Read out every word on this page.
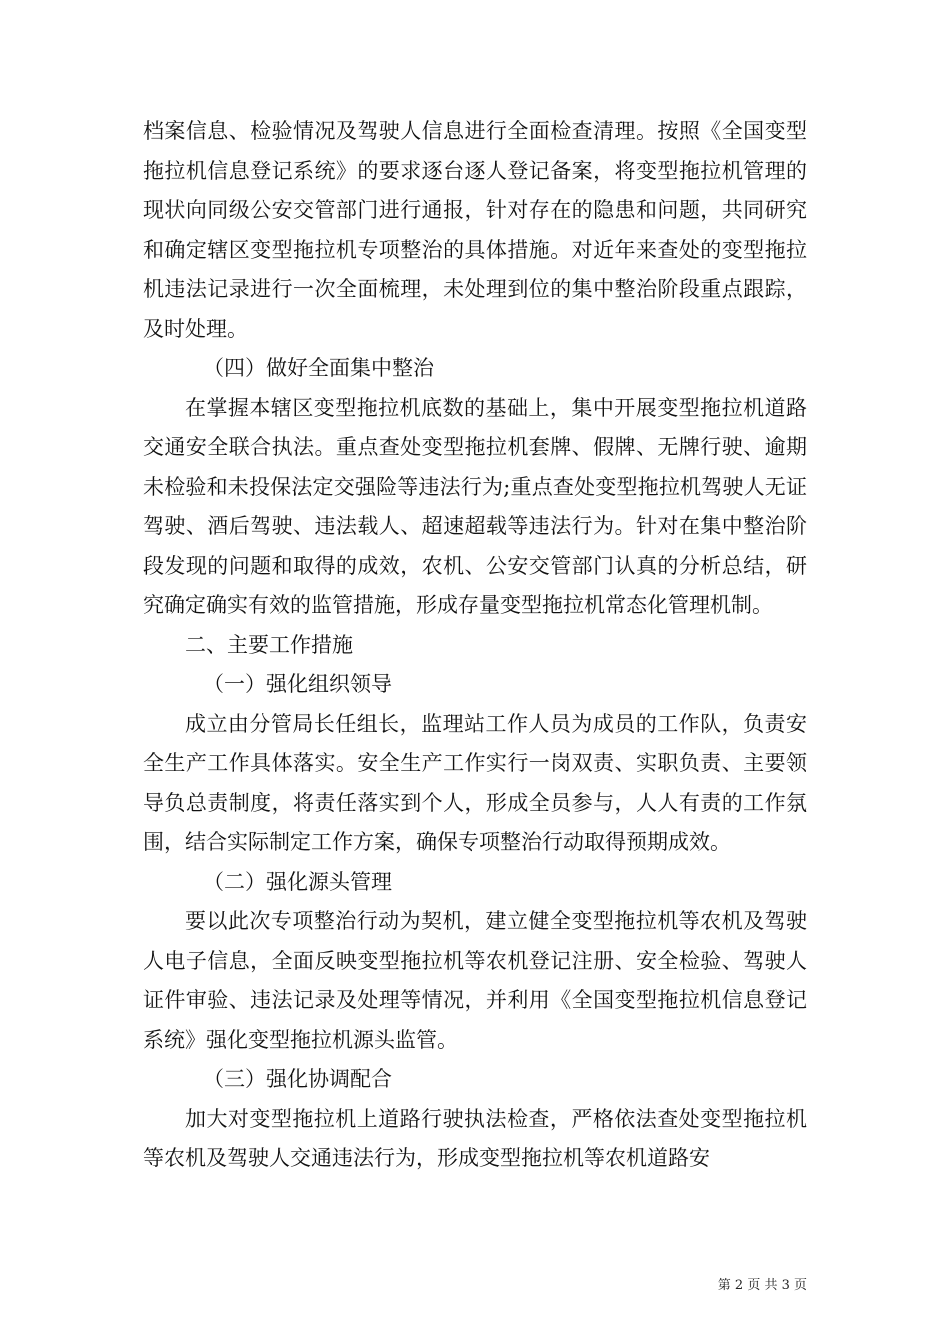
档案信息、检验情况及驾驶人信息进行全面检查清理。按照《全国变型拖拉机信息登记系统》的要求逐台逐人登记备案，将变型拖拉机管理的现状向同级公安交管部门进行通报，针对存在的隐患和问题，共同研究和确定辖区变型拖拉机专项整治的具体措施。对近年来查处的变型拖拉机违法记录进行一次全面梳理，未处理到位的集中整治阶段重点跟踪，及时处理。

（四）做好全面集中整治

在掌握本辖区变型拖拉机底数的基础上，集中开展变型拖拉机道路交通安全联合执法。重点查处变型拖拉机套牌、假牌、无牌行驶、逾期未检验和未投保法定交强险等违法行为;重点查处变型拖拉机驾驶人无证驾驶、酒后驾驶、违法载人、超速超载等违法行为。针对在集中整治阶段发现的问题和取得的成效，农机、公安交管部门认真的分析总结，研究确定确实有效的监管措施，形成存量变型拖拉机常态化管理机制。

二、主要工作措施

（一）强化组织领导

成立由分管局长任组长，监理站工作人员为成员的工作队，负责安全生产工作具体落实。安全生产工作实行一岗双责、实职负责、主要领导负总责制度，将责任落实到个人，形成全员参与，人人有责的工作氛围，结合实际制定工作方案，确保专项整治行动取得预期成效。

（二）强化源头管理

要以此次专项整治行动为契机，建立健全变型拖拉机等农机及驾驶人电子信息，全面反映变型拖拉机等农机登记注册、安全检验、驾驶人证件审验、违法记录及处理等情况，并利用《全国变型拖拉机信息登记系统》强化变型拖拉机源头监管。

（三）强化协调配合

加大对变型拖拉机上道路行驶执法检查，严格依法查处变型拖拉机等农机及驾驶人交通违法行为，形成变型拖拉机等农机道路安

第 2 页 共 3 页
